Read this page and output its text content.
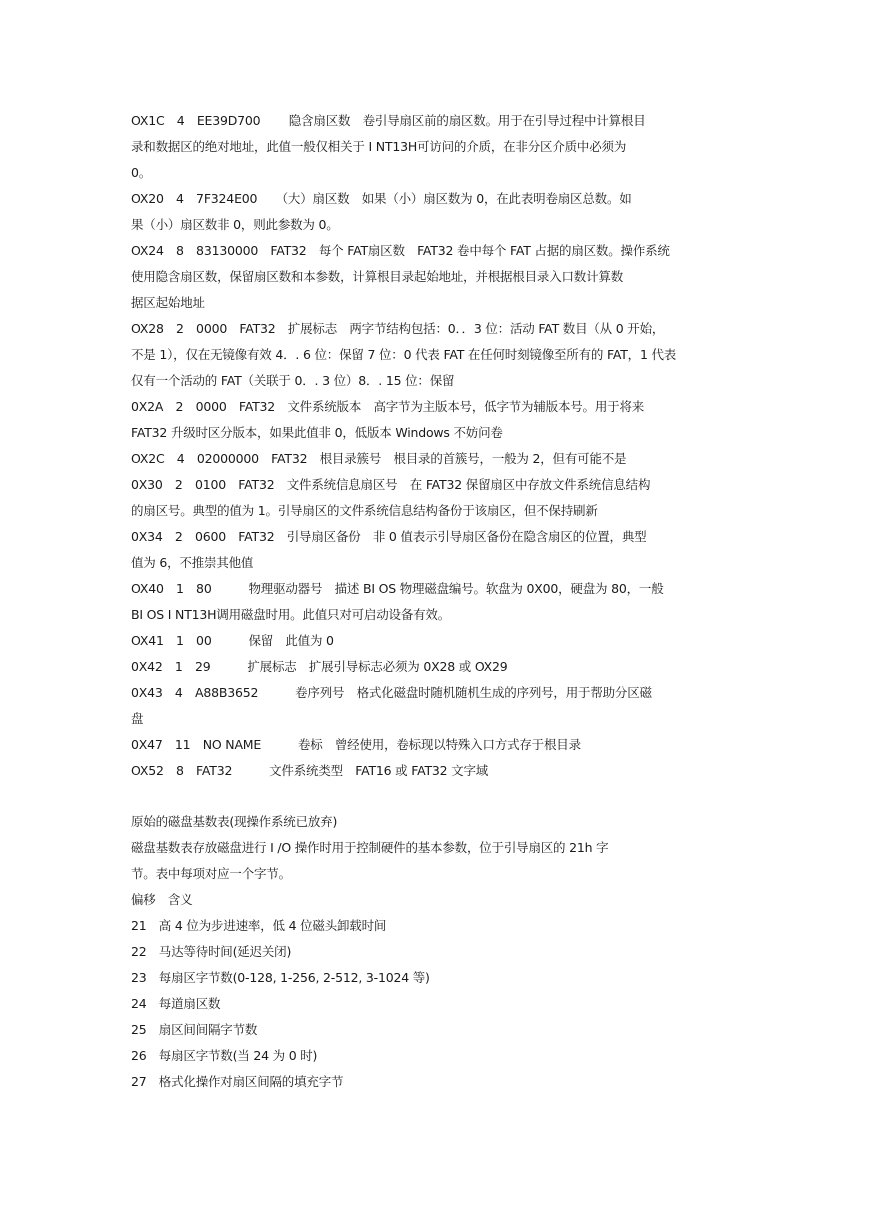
OX1C　4　EE39D700　　 隐含扇区数　卷引导扇区前的扇区数。用于在引导过程中计算根目
录和数据区的绝对地址，此值一般仅相关于 I NT13H可访问的介质，在非分区介质中必须为
0。
OX20　4　7F324E00　　（大）扇区数　如果（小）扇区数为 0，在此表明卷扇区总数。如
果（小）扇区数非 0，则此参数为 0。
OX24　8　83130000　FAT32　每个 FAT扇区数　FAT32 卷中每个 FAT 占据的扇区数。操作系统
使用隐含扇区数，保留扇区数和本参数，计算根目录起始地址，并根据根目录入口数计算数
据区起始地址
OX28　2　0000　FAT32　扩展标志　两字节结构包括：0．．3 位：活动 FAT 数目（从 0 开始，
不是 1），仅在无镜像有效 4．. 6 位：保留 7 位：0 代表 FAT 在任何时刻镜像至所有的 FAT，1 代表
仅有一个活动的 FAT（关联于 0．. 3 位）8．. 15 位：保留
0X2A　2　0000　FAT32　文件系统版本　高字节为主版本号，低字节为辅版本号。用于将来
FAT32 升级时区分版本，如果此值非 0，低版本 Windows 不妨问卷
OX2C　4　02000000　FAT32　根目录簇号　根目录的首簇号，一般为 2，但有可能不是
0X30　2　0100　FAT32　文件系统信息扇区号　在 FAT32 保留扇区中存放文件系统信息结构
的扇区号。典型的值为 1。引导扇区的文件系统信息结构备份于该扇区，但不保持刷新
0X34　2　0600　FAT32　引导扇区备份　非 0 值表示引导扇区备份在隐含扇区的位置，典型
值为 6，不推崇其他值
OX40　1　80　　　物理驱动器号　描述 BI OS 物理磁盘编号。软盘为 0X00，硬盘为 80，一般
BI OS I NT13H调用磁盘时用。此值只对可启动设备有效。
OX41　1　00　　　保留　此值为 0
0X42　1　29　　　扩展标志　扩展引导标志必须为 0X28 或 OX29
0X43　4　A88B3652　　　卷序列号　格式化磁盘时随机随机生成的序列号，用于帮助分区磁
盘
0X47　11　NO NAME　　　卷标　曾经使用，卷标现以特殊入口方式存于根目录
OX52　8　FAT32　　　文件系统类型　FAT16 或 FAT32 文字域
原始的磁盘基数表(现操作系统已放弃)
磁盘基数表存放磁盘进行 I /O 操作时用于控制硬件的基本参数，位于引导扇区的 21h 字
节。表中每项对应一个字节。
偏移　含义
21　高 4 位为步进速率，低 4 位磁头卸载时间
22　马达等待时间(延迟关闭)
23　每扇区字节数(0-128, 1-256, 2-512, 3-1024 等)
24　每道扇区数
25　扇区间间隔字节数
26　每扇区字节数(当 24 为 0 时)
27　格式化操作对扇区间隔的填充字节
